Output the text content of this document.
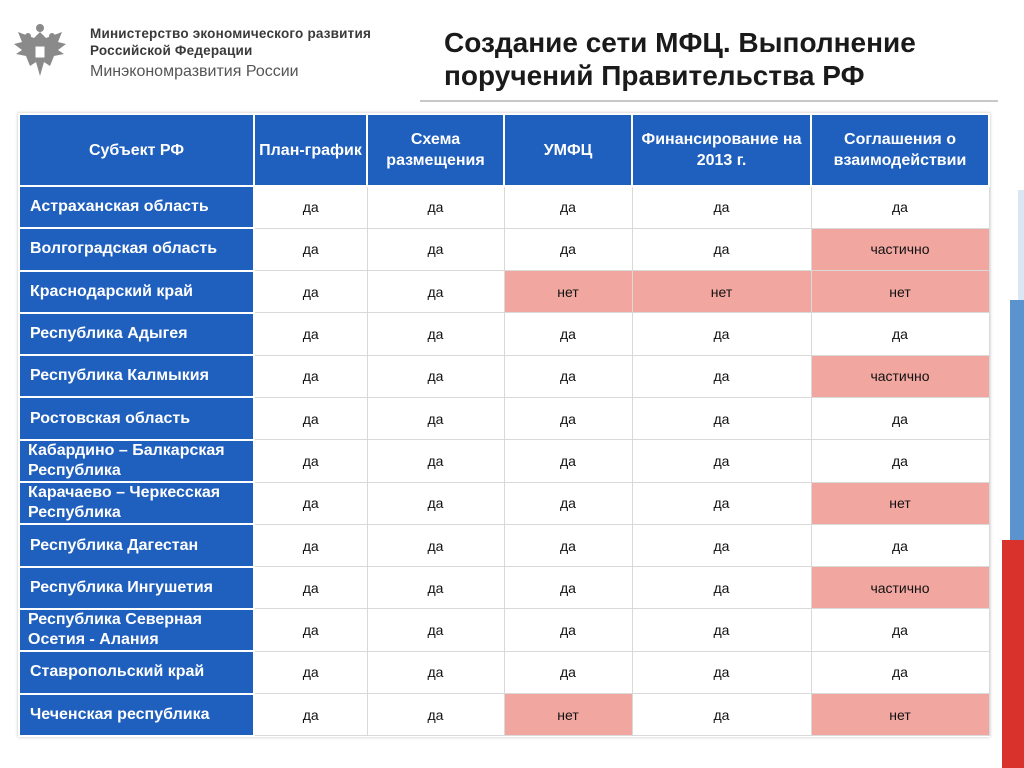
Министерство экономического развития
Российской Федерации
Минэкономразвития России
Создание сети МФЦ. Выполнение
поручений Правительства РФ
Субъект РФ	План-график	Схема размещения	УМФЦ	Финансирование на 2013 г.	Соглашения о взаимодействии
Астраханская область	да	да	да	да	да
Волгоградская область	да	да	да	да	частично
Краснодарский край	да	да	нет	нет	нет
Республика Адыгея	да	да	да	да	да
Республика Калмыкия	да	да	да	да	частично
Ростовская область	да	да	да	да	да
Кабардино – Балкарская Республика	да	да	да	да	да
Карачаево – Черкесская Республика	да	да	да	да	нет
Республика Дагестан	да	да	да	да	да
Республика Ингушетия	да	да	да	да	частично
Республика Северная Осетия - Алания	да	да	да	да	да
Ставропольский край	да	да	да	да	да
Чеченская республика	да	да	нет	да	нет
